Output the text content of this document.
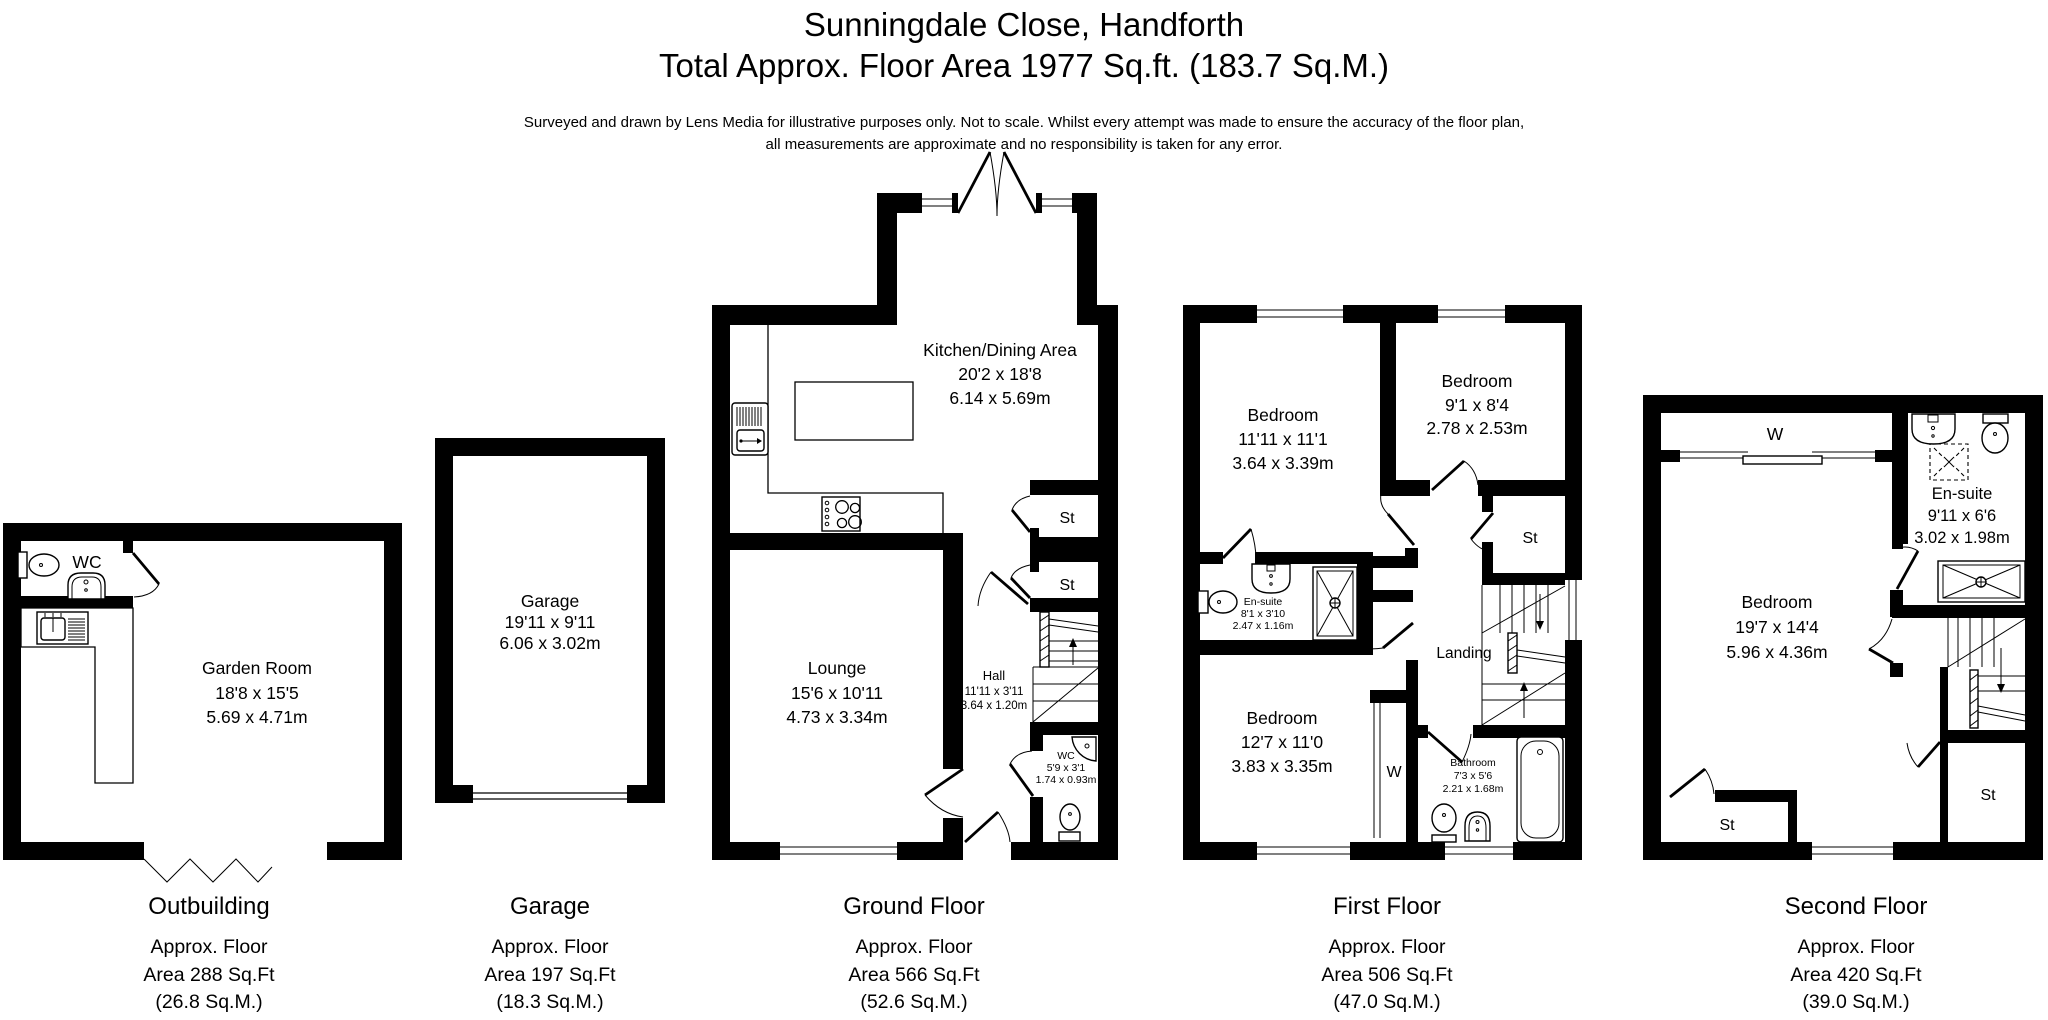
Sunningdale Close, Handforth
Total Approx. Floor Area 1977 Sq.ft. (183.7 Sq.M.)
Surveyed and drawn by Lens Media for illustrative purposes only. Not to scale. Whilst every attempt was made to ensure the accuracy of the floor plan,
all measurements are approximate and no responsibility is taken for any error.
WC
Garden Room
18'8 x 15'5
5.69 x 4.71m
Garage
19'11 x 9'11
6.06 x 3.02m
Kitchen/Dining Area
20'2 x 18'8
6.14 x 5.69m
Lounge
15'6 x 10'11
4.73 x 3.34m
Hall
11'11 x 3'11
3.64 x 1.20m
WC
5'9 x 3'1
1.74 x 0.93m
St
St
Bedroom
11'11 x 11'1
3.64 x 3.39m
Bedroom
9'1 x 8'4
2.78 x 2.53m
En-suite
8'1 x 3'10
2.47 x 1.16m
Bedroom
12'7 x 11'0
3.83 x 3.35m	Bathroom
7'3 x 5'6
2.21 x 1.68m
Landing
St
W
W
En-suite
9'11 x 6'6
3.02 x 1.98m
Bedroom
19'7 x 14'4
5.96 x 4.36m
St
St
Outbuilding
Approx. Floor
Area 288 Sq.Ft
(26.8 Sq.M.)
Garage
Approx. Floor
Area 197 Sq.Ft
(18.3 Sq.M.)
Ground Floor
Approx. Floor
Area 566 Sq.Ft
(52.6 Sq.M.)
First Floor
Approx. Floor
Area 506 Sq.Ft
(47.0 Sq.M.)
Second Floor
Approx. Floor
Area 420 Sq.Ft
(39.0 Sq.M.)
